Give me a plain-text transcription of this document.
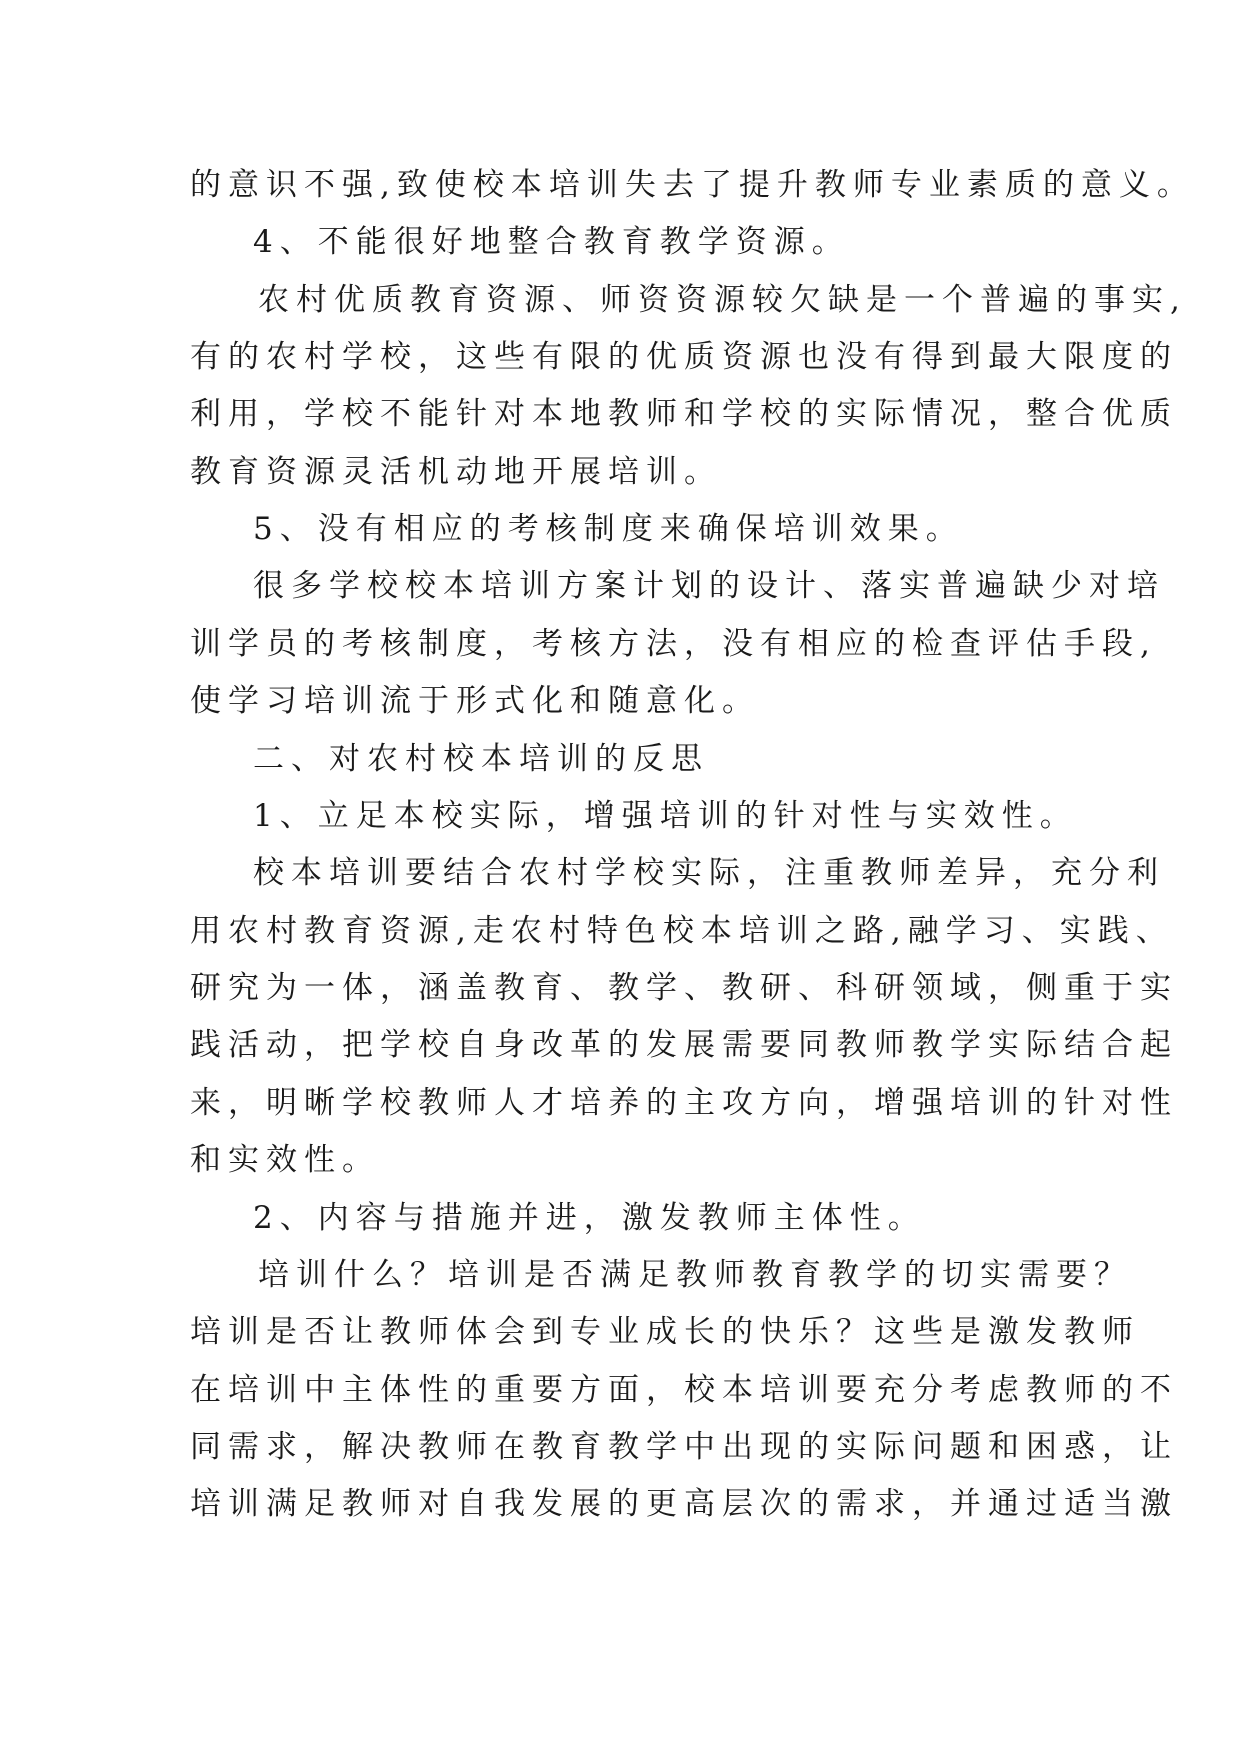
的意识不强,致使校本培训失去了提升教师专业素质的意义。

4、不能很好地整合教育教学资源。

农村优质教育资源、师资资源较欠缺是一个普遍的事实,

有的农村学校，这些有限的优质资源也没有得到最大限度的

利用，学校不能针对本地教师和学校的实际情况，整合优质

教育资源灵活机动地开展培训。

5、没有相应的考核制度来确保培训效果。

很多学校校本培训方案计划的设计、落实普遍缺少对培

训学员的考核制度，考核方法，没有相应的检查评估手段,

使学习培训流于形式化和随意化。

二、对农村校本培训的反思

1、立足本校实际，增强培训的针对性与实效性。

校本培训要结合农村学校实际，注重教师差异，充分利

用农村教育资源,走农村特色校本培训之路,融学习、实践、

研究为一体，涵盖教育、教学、教研、科研领域，侧重于实

践活动，把学校自身改革的发展需要同教师教学实际结合起

来，明晰学校教师人才培养的主攻方向，增强培训的针对性

和实效性。

2、内容与措施并进，激发教师主体性。

培训什么？培训是否满足教师教育教学的切实需要？

培训是否让教师体会到专业成长的快乐？这些是激发教师

在培训中主体性的重要方面，校本培训要充分考虑教师的不

同需求，解决教师在教育教学中出现的实际问题和困惑，让

培训满足教师对自我发展的更高层次的需求，并通过适当激
